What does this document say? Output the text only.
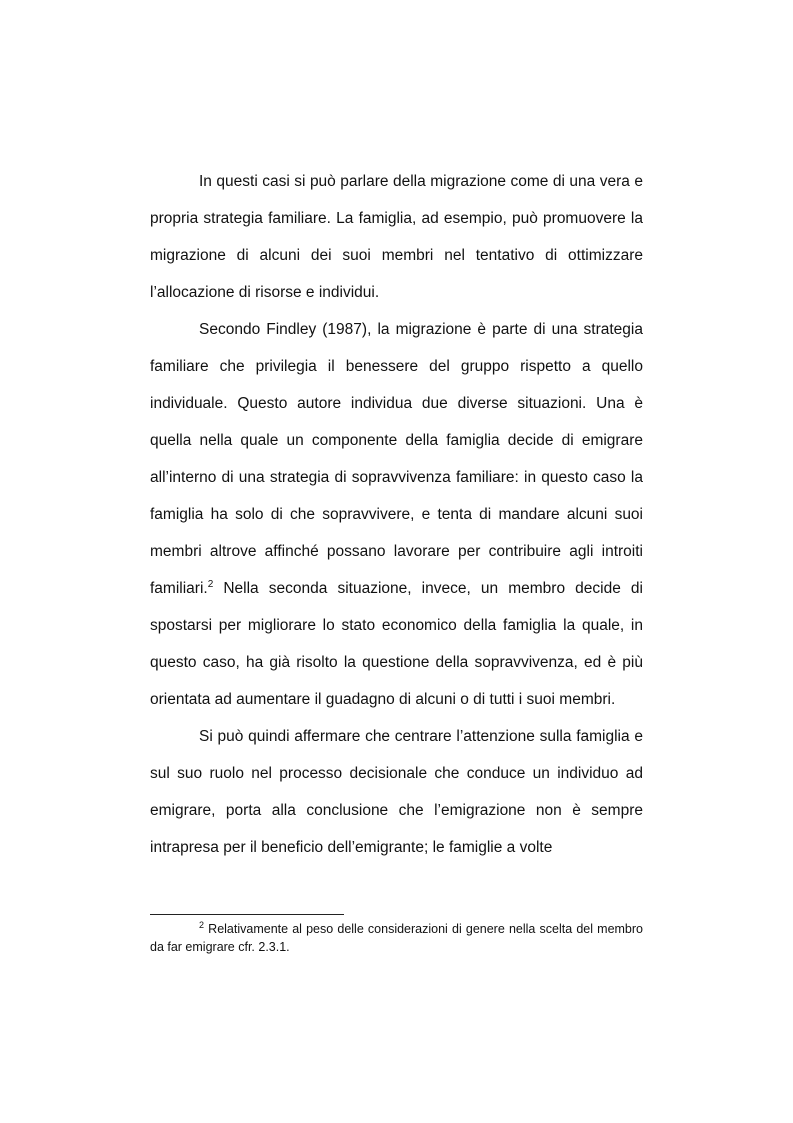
In questi casi si può parlare della migrazione come di una vera e propria strategia familiare. La famiglia, ad esempio, può promuovere la migrazione di alcuni dei suoi membri nel tentativo di ottimizzare l’allocazione di risorse e individui.

Secondo Findley (1987), la migrazione è parte di una strategia familiare che privilegia il benessere del gruppo rispetto a quello individuale. Questo autore individua due diverse situazioni. Una è quella nella quale un componente della famiglia decide di emigrare all’interno di una strategia di sopravvivenza familiare: in questo caso la famiglia ha solo di che sopravvivere, e tenta di mandare alcuni suoi membri altrove affinché possano lavorare per contribuire agli introiti familiari.$^2$ Nella seconda situazione, invece, un membro decide di spostarsi per migliorare lo stato economico della famiglia la quale, in questo caso, ha già risolto la questione della sopravvivenza, ed è più orientata ad aumentare il guadagno di alcuni o di tutti i suoi membri.

Si può quindi affermare che centrare l’attenzione sulla famiglia e sul suo ruolo nel processo decisionale che conduce un individuo ad emigrare, porta alla conclusione che l’emigrazione non è sempre intrapresa per il beneficio dell’emigrante; le famiglie a volte

$^2$ Relativamente al peso delle considerazioni di genere nella scelta del membro da far emigrare cfr. 2.3.1.
